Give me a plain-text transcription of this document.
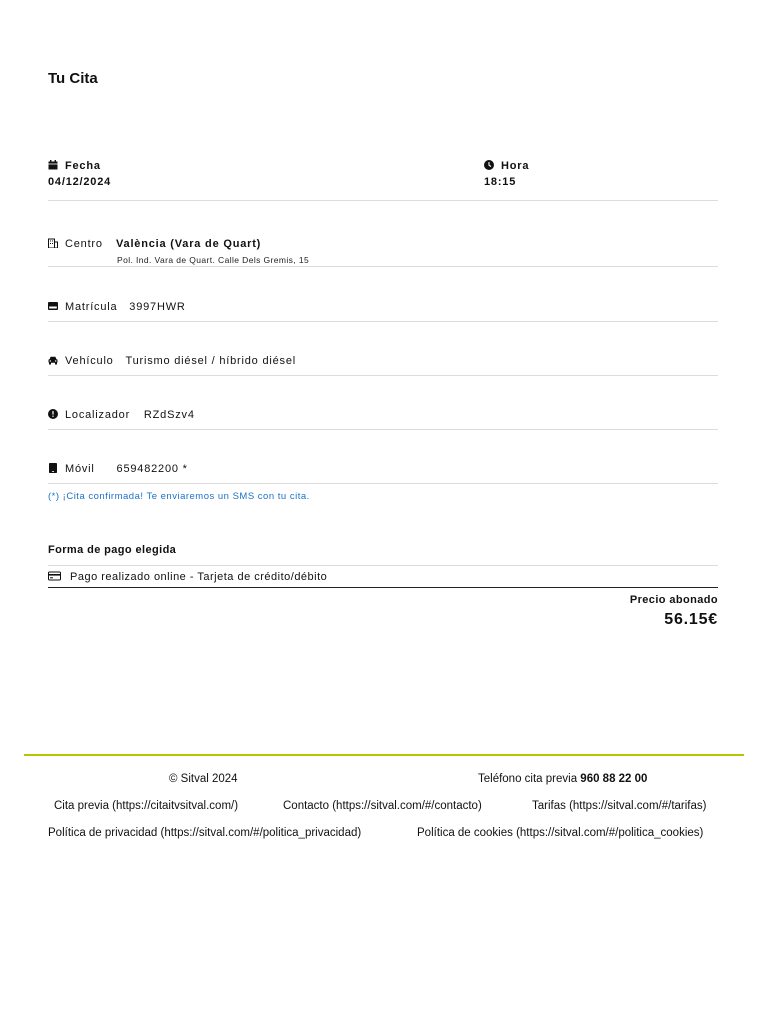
Tu Cita
Fecha
04/12/2024
Hora
18:15
Centro València (Vara de Quart)
Pol. Ind. Vara de Quart. Calle Dels Gremis, 15
Matrícula 3997HWR
Vehículo Turismo diésel / híbrido diésel
Localizador RZdSzv4
Móvil 659482200 *
(*) ¡Cita confirmada! Te enviaremos un SMS con tu cita.
Forma de pago elegida
Pago realizado online - Tarjeta de crédito/débito
Precio abonado
56.15€
© Sitval 2024	Teléfono cita previa 960 88 22 00
Cita previa (https://citaitvsitval.com/)	Contacto (https://sitval.com/#/contacto)	Tarifas (https://sitval.com/#/tarifas)
Política de privacidad (https://sitval.com/#/politica_privacidad)	Política de cookies (https://sitval.com/#/politica_cookies)
